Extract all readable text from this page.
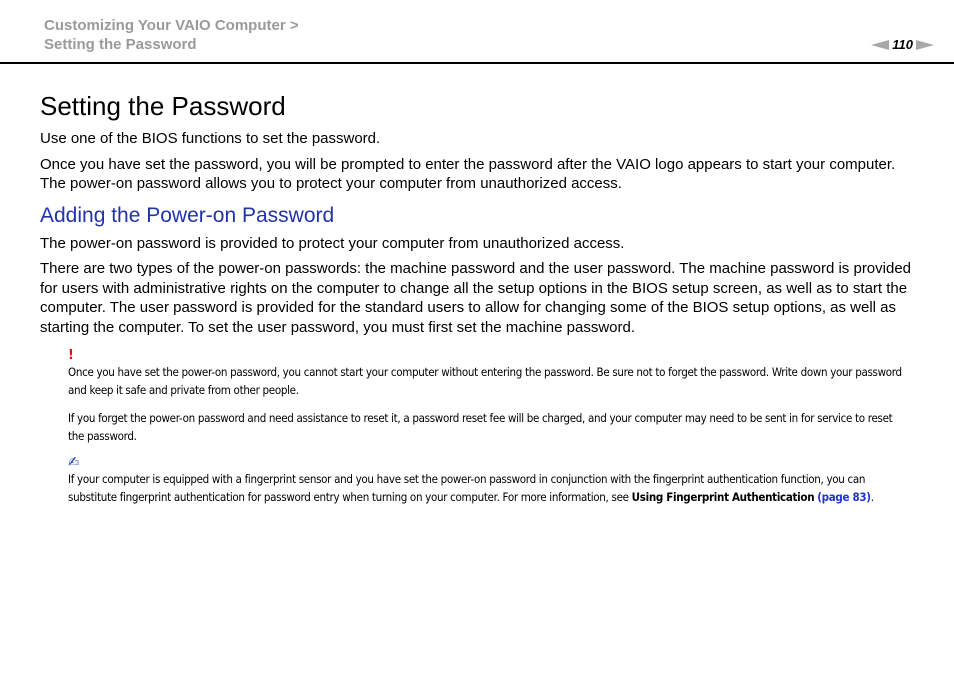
Customizing Your VAIO Computer >
Setting the Password	110
Setting the Password

Use one of the BIOS functions to set the password.

Once you have set the password, you will be prompted to enter the password after the VAIO logo appears to start your computer. The power-on password allows you to protect your computer from unauthorized access.

Adding the Power-on Password

The power-on password is provided to protect your computer from unauthorized access.

There are two types of the power-on passwords: the machine password and the user password. The machine password is provided for users with administrative rights on the computer to change all the setup options in the BIOS setup screen, as well as to start the computer. The user password is provided for the standard users to allow for changing some of the BIOS setup options, as well as starting the computer. To set the user password, you must first set the machine password.

!

Once you have set the power-on password, you cannot start your computer without entering the password. Be sure not to forget the password. Write down your password and keep it safe and private from other people.

If you forget the power-on password and need assistance to reset it, a password reset fee will be charged, and your computer may need to be sent in for service to reset the password.

✍

If your computer is equipped with a fingerprint sensor and you have set the power-on password in conjunction with the fingerprint authentication function, you can substitute fingerprint authentication for password entry when turning on your computer. For more information, see Using Fingerprint Authentication (page 83).
